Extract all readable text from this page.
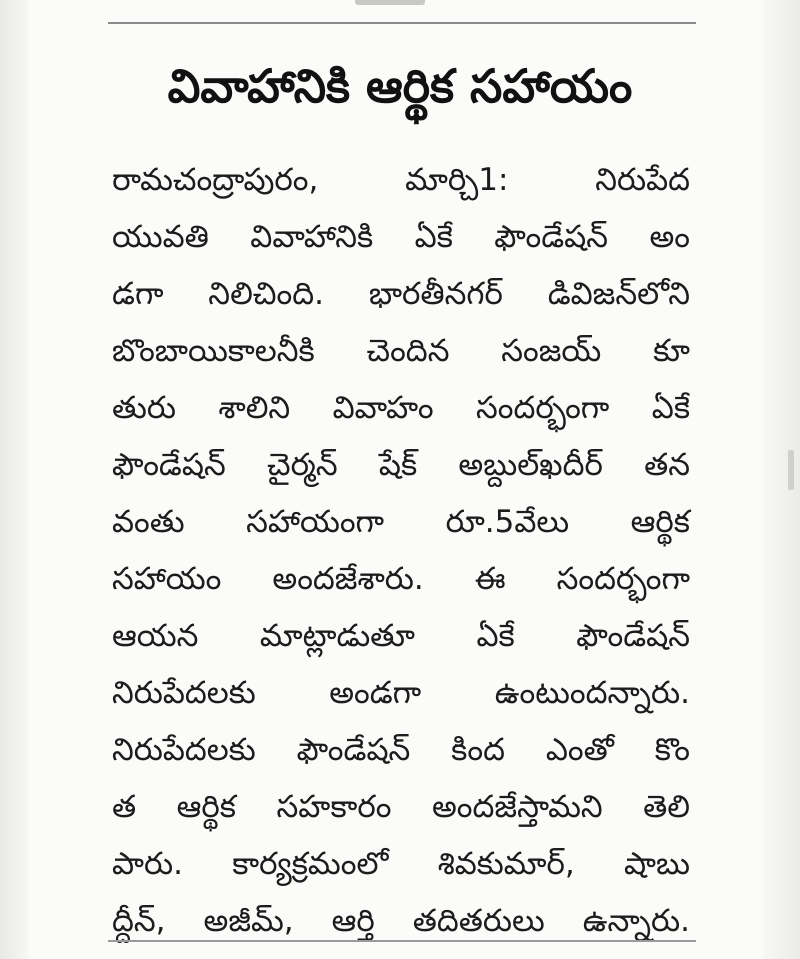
వివాహానికి ఆర్థిక సహాయం
రామచంద్రాపురం, మార్చి1: నిరుపేద
యువతి వివాహానికి ఏకే ఫౌండేషన్ అం
డగా నిలిచింది. భారతీనగర్ డివిజన్‌లోని
బొంబాయికాలనీకి చెందిన సంజయ్ కూ
తురు శాలిని వివాహం సందర్భంగా ఏకే
ఫౌండేషన్ చైర్మన్ షేక్ అబ్దుల్‌ఖదీర్ తన
వంతు సహాయంగా రూ.5వేలు ఆర్థిక
సహాయం అందజేశారు. ఈ సందర్భంగా
ఆయన మాట్లాడుతూ ఏకే ఫౌండేషన్
నిరుపేదలకు అండగా ఉంటుందన్నారు.
నిరుపేదలకు ఫౌండేషన్ కింద ఎంతో కొం
త ఆర్థిక సహకారం అందజేస్తామని తెలి
పారు. కార్యక్రమంలో శివకుమార్, షాబు
ద్దీన్, అజీమ్, ఆర్తి తదితరులు ఉన్నారు.
